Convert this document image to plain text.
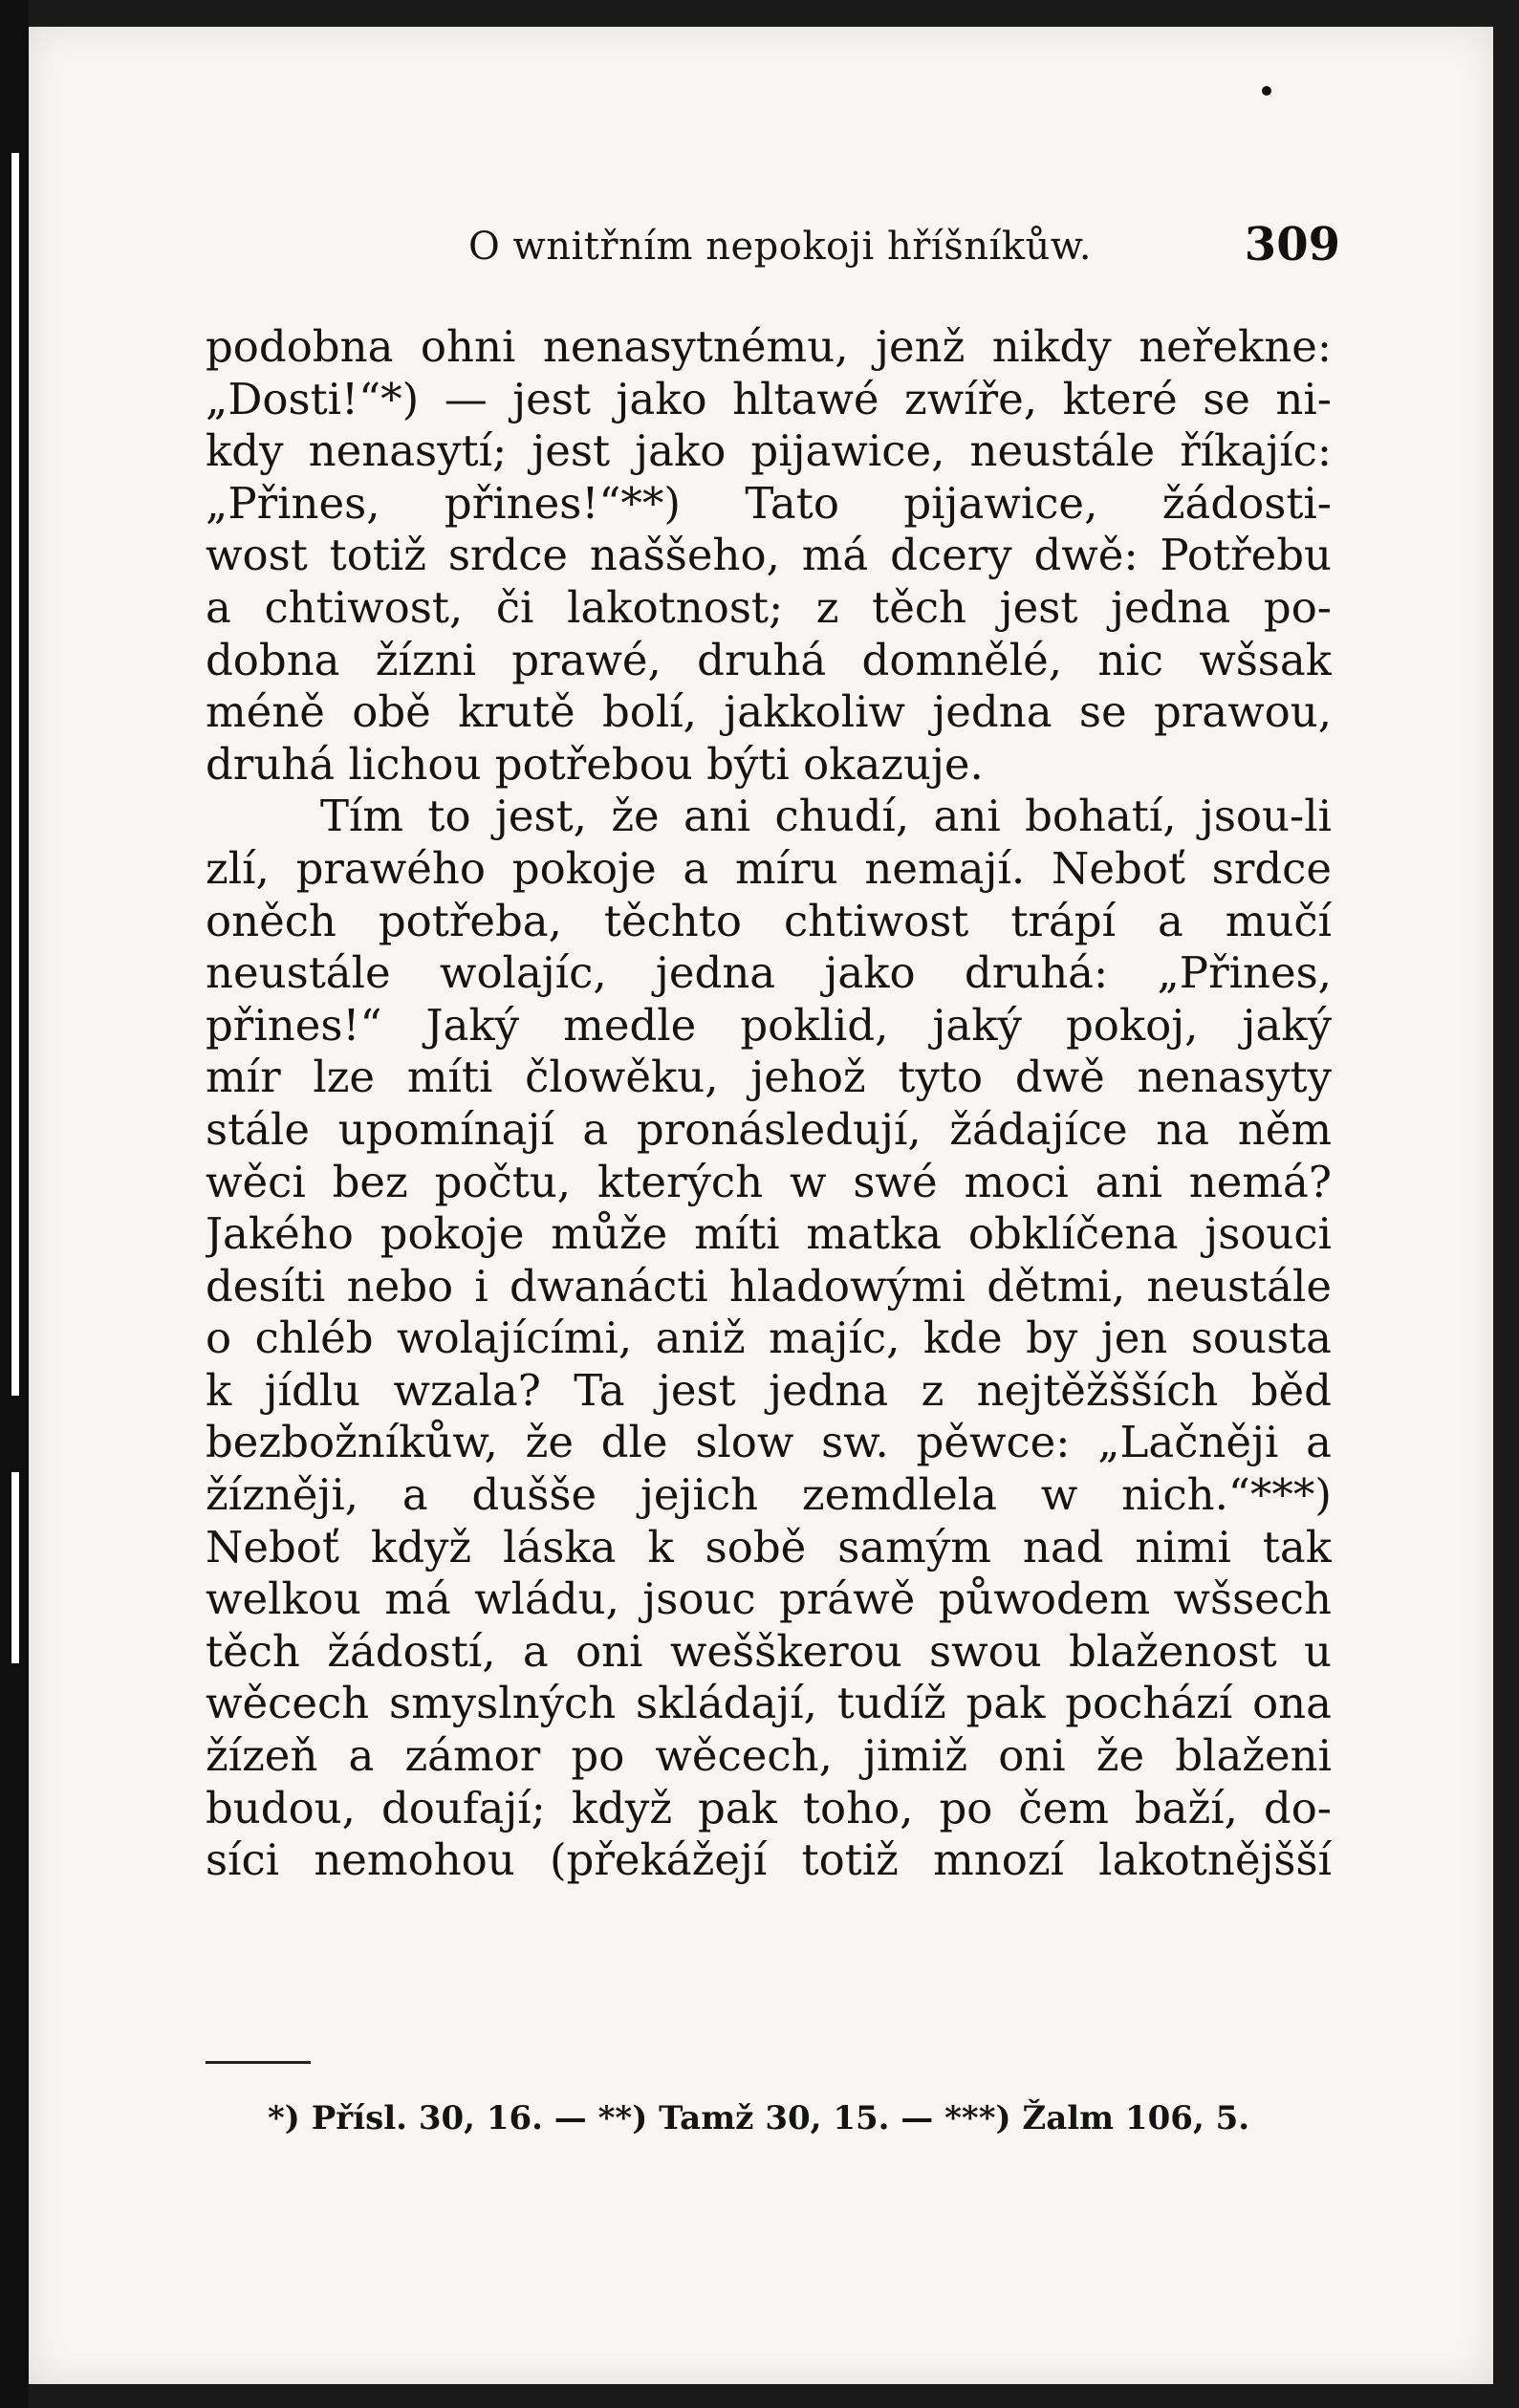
O wnitřním nepokoji hříšníkůw.	309
podobna ohni nenasytnému, jenž nikdy neřekne:
„Dosti!“*) — jest jako hltawé zwíře, které se ni-
kdy nenasytí; jest jako pijawice, neustále říkajíc:
„Přines, přines!“**) Tato pijawice, žádosti-
wost totiž srdce naššeho, má dcery dwě: Potřebu
a chtiwost, či lakotnost; z těch jest jedna po-
dobna žízni prawé, druhá domnělé, nic wšsak
méně obě krutě bolí, jakkoliw jedna se prawou,
druhá lichou potřebou býti okazuje.
Tím to jest, že ani chudí, ani bohatí, jsou-li
zlí, prawého pokoje a míru nemají. Neboť srdce
oněch potřeba, těchto chtiwost trápí a mučí
neustále wolajíc, jedna jako druhá: „Přines,
přines!“ Jaký medle poklid, jaký pokoj, jaký
mír lze míti člowěku, jehož tyto dwě nenasyty
stále upomínají a pronásledují, žádajíce na něm
wěci bez počtu, kterých w swé moci ani nemá?
Jakého pokoje může míti matka obklíčena jsouci
desíti nebo i dwanácti hladowými dětmi, neustále
o chléb wolajícími, aniž majíc, kde by jen sousta
k jídlu wzala? Ta jest jedna z nejtěžšších běd
bezbožníkůw, že dle slow sw. pěwce: „Lačněji a
žízněji, a dušše jejich zemdlela w nich.“***)
Neboť když láska k sobě samým nad nimi tak
welkou má wládu, jsouc práwě půwodem wšsech
těch žádostí, a oni wešškerou swou blaženost u
wěcech smyslných skládají, tudíž pak pochází ona
žízeň a zámor po wěcech, jimiž oni že blaženi
budou, doufají; když pak toho, po čem baží, do-
síci nemohou (překážejí totiž mnozí lakotnějšší
*) Přísl. 30, 16. — **) Tamž 30, 15. — ***) Žalm 106, 5.
